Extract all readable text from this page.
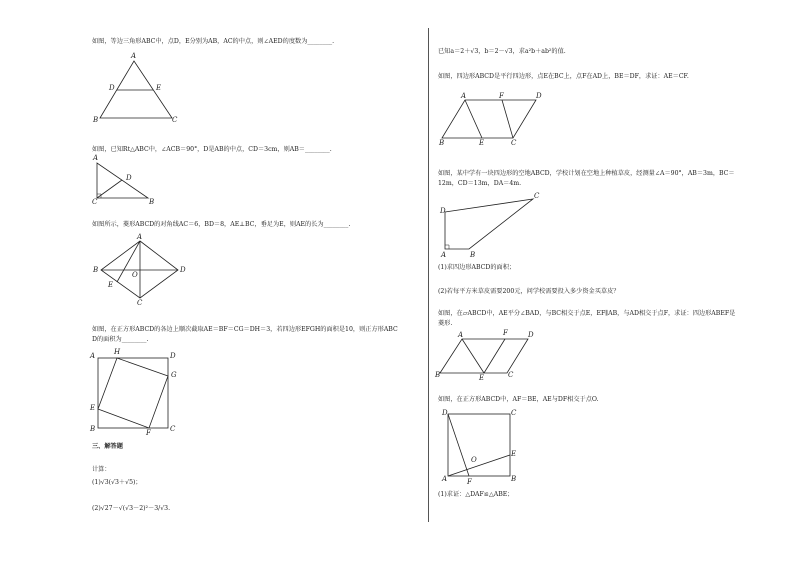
如图，等边三角形ABC中，点D，E分别为AB，AC的中点，则∠AED的度数为________.
A
D	E
B	C
如图，已知Rt△ABC中，∠ACB＝90°，D是AB的中点，CD＝3cm，则AB＝________.
A
D
C	B
如图所示，菱形ABCD的对角线AC＝6，BD＝8，AE⊥BC，垂足为E，则AE的长为________.
A
B	D
O
E
C
如图，在正方形ABCD的各边上顺次截取AE＝BF＝CG＝DH＝3，若四边形EFGH的面积是10，则正方形ABC
D的面积为________.
A	H	D
G
E
B	F	C
三、解答题
计算：
(1)√3(√3＋√5)；
(2)√27－√(√3－2)²－3/√3.
已知a＝2＋√3，b＝2－√3，求a²b＋ab²的值.
如图，四边形ABCD是平行四边形，点E在BC上，点F在AD上，BE＝DF，求证：AE＝CF.
A	F	D
B	E	C
如图，某中学有一块四边形的空地ABCD，学校计划在空地上种植草皮，经测量∠A＝90°，AB＝3m，BC＝
12m，CD＝13m，DA＝4m.
D
C
A	B
(1)求四边形ABCD的面积；
(2)若每平方米草皮需要200元，问学校需要投入多少资金买草皮？
如图，在▱ABCD中，AE平分∠BAD，与BC相交于点E，EF∥AB，与AD相交于点F，求证：四边形ABEF是
菱形.
A	F	D
B	E	C
如图，在正方形ABCD中，AF＝BE，AE与DF相交于点O.
D	C
E
O
A	F	B
(1)求证：△DAF≌△ABE；
